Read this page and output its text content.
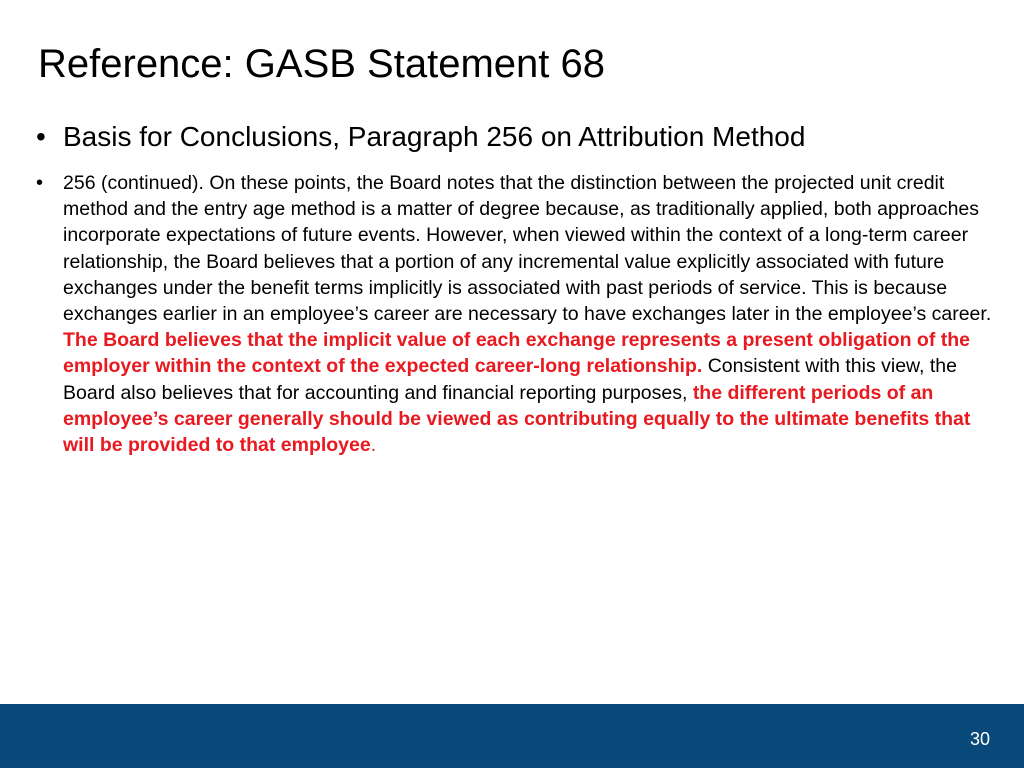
Reference: GASB Statement 68
• Basis for Conclusions, Paragraph 256 on Attribution Method
• 256 (continued). On these points, the Board notes that the distinction between the projected unit credit method and the entry age method is a matter of degree because, as traditionally applied, both approaches incorporate expectations of future events. However, when viewed within the context of a long-term career relationship, the Board believes that a portion of any incremental value explicitly associated with future exchanges under the benefit terms implicitly is associated with past periods of service. This is because exchanges earlier in an employee’s career are necessary to have exchanges later in the employee’s career. The Board believes that the implicit value of each exchange represents a present obligation of the employer within the context of the expected career-long relationship. Consistent with this view, the Board also believes that for accounting and financial reporting purposes, the different periods of an employee’s career generally should be viewed as contributing equally to the ultimate benefits that will be provided to that employee.
30
